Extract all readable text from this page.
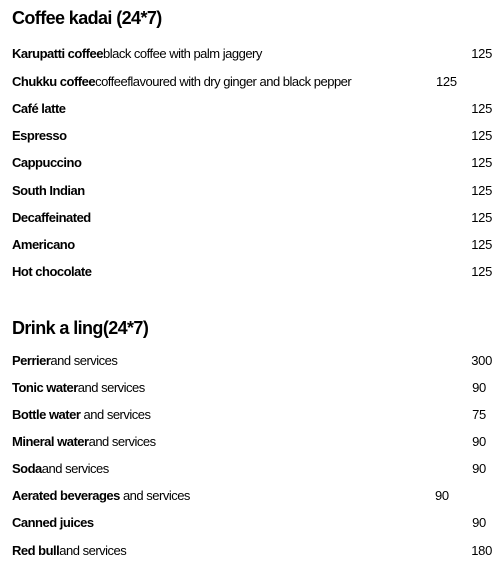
Coffee kadai (24*7)
Karupatti coffeeblack coffee with palm jaggery	125
Chukku coffeecoffeeflavoured with dry ginger and black pepper	125
Café latte	125
Espresso	125
Cappuccino	125
South Indian	125
Decaffeinated	125
Americano	125
Hot chocolate	125
Drink a ling(24*7)
Perrierand services	300
Tonic waterand services	90
Bottle water and services	75
Mineral waterand services	90
Sodaand services	90
Aerated beverages and services	90
Canned juices	90
Red bulland services	180
